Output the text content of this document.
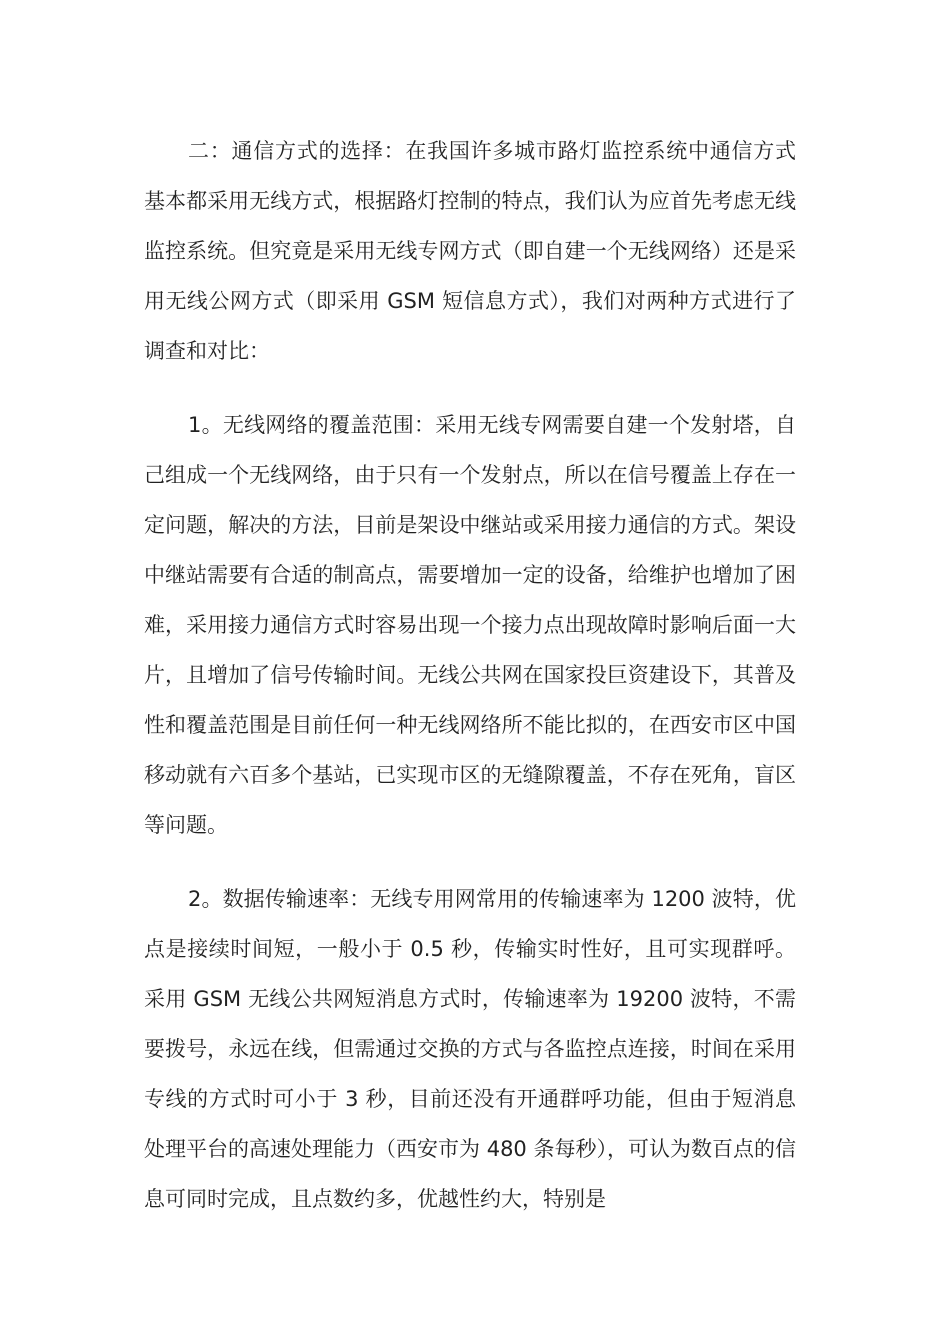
二：通信方式的选择：在我国许多城市路灯监控系统中通信方式基本都采用无线方式，根据路灯控制的特点，我们认为应首先考虑无线监控系统。但究竟是采用无线专网方式（即自建一个无线网络）还是采用无线公网方式（即采用 GSM 短信息方式），我们对两种方式进行了调查和对比：

1。无线网络的覆盖范围：采用无线专网需要自建一个发射塔，自己组成一个无线网络，由于只有一个发射点，所以在信号覆盖上存在一定问题，解决的方法，目前是架设中继站或采用接力通信的方式。架设中继站需要有合适的制高点，需要增加一定的设备，给维护也增加了困难，采用接力通信方式时容易出现一个接力点出现故障时影响后面一大片，且增加了信号传输时间。无线公共网在国家投巨资建设下，其普及性和覆盖范围是目前任何一种无线网络所不能比拟的，在西安市区中国移动就有六百多个基站，已实现市区的无缝隙覆盖，不存在死角，盲区等问题。

2。数据传输速率：无线专用网常用的传输速率为 1200 波特，优点是接续时间短，一般小于 0.5 秒，传输实时性好，且可实现群呼。采用 GSM 无线公共网短消息方式时，传输速率为 19200 波特，不需要拨号，永远在线，但需通过交换的方式与各监控点连接，时间在采用专线的方式时可小于 3 秒，目前还没有开通群呼功能，但由于短消息处理平台的高速处理能力（西安市为 480 条每秒），可认为数百点的信息可同时完成，且点数约多，优越性约大，特别是
